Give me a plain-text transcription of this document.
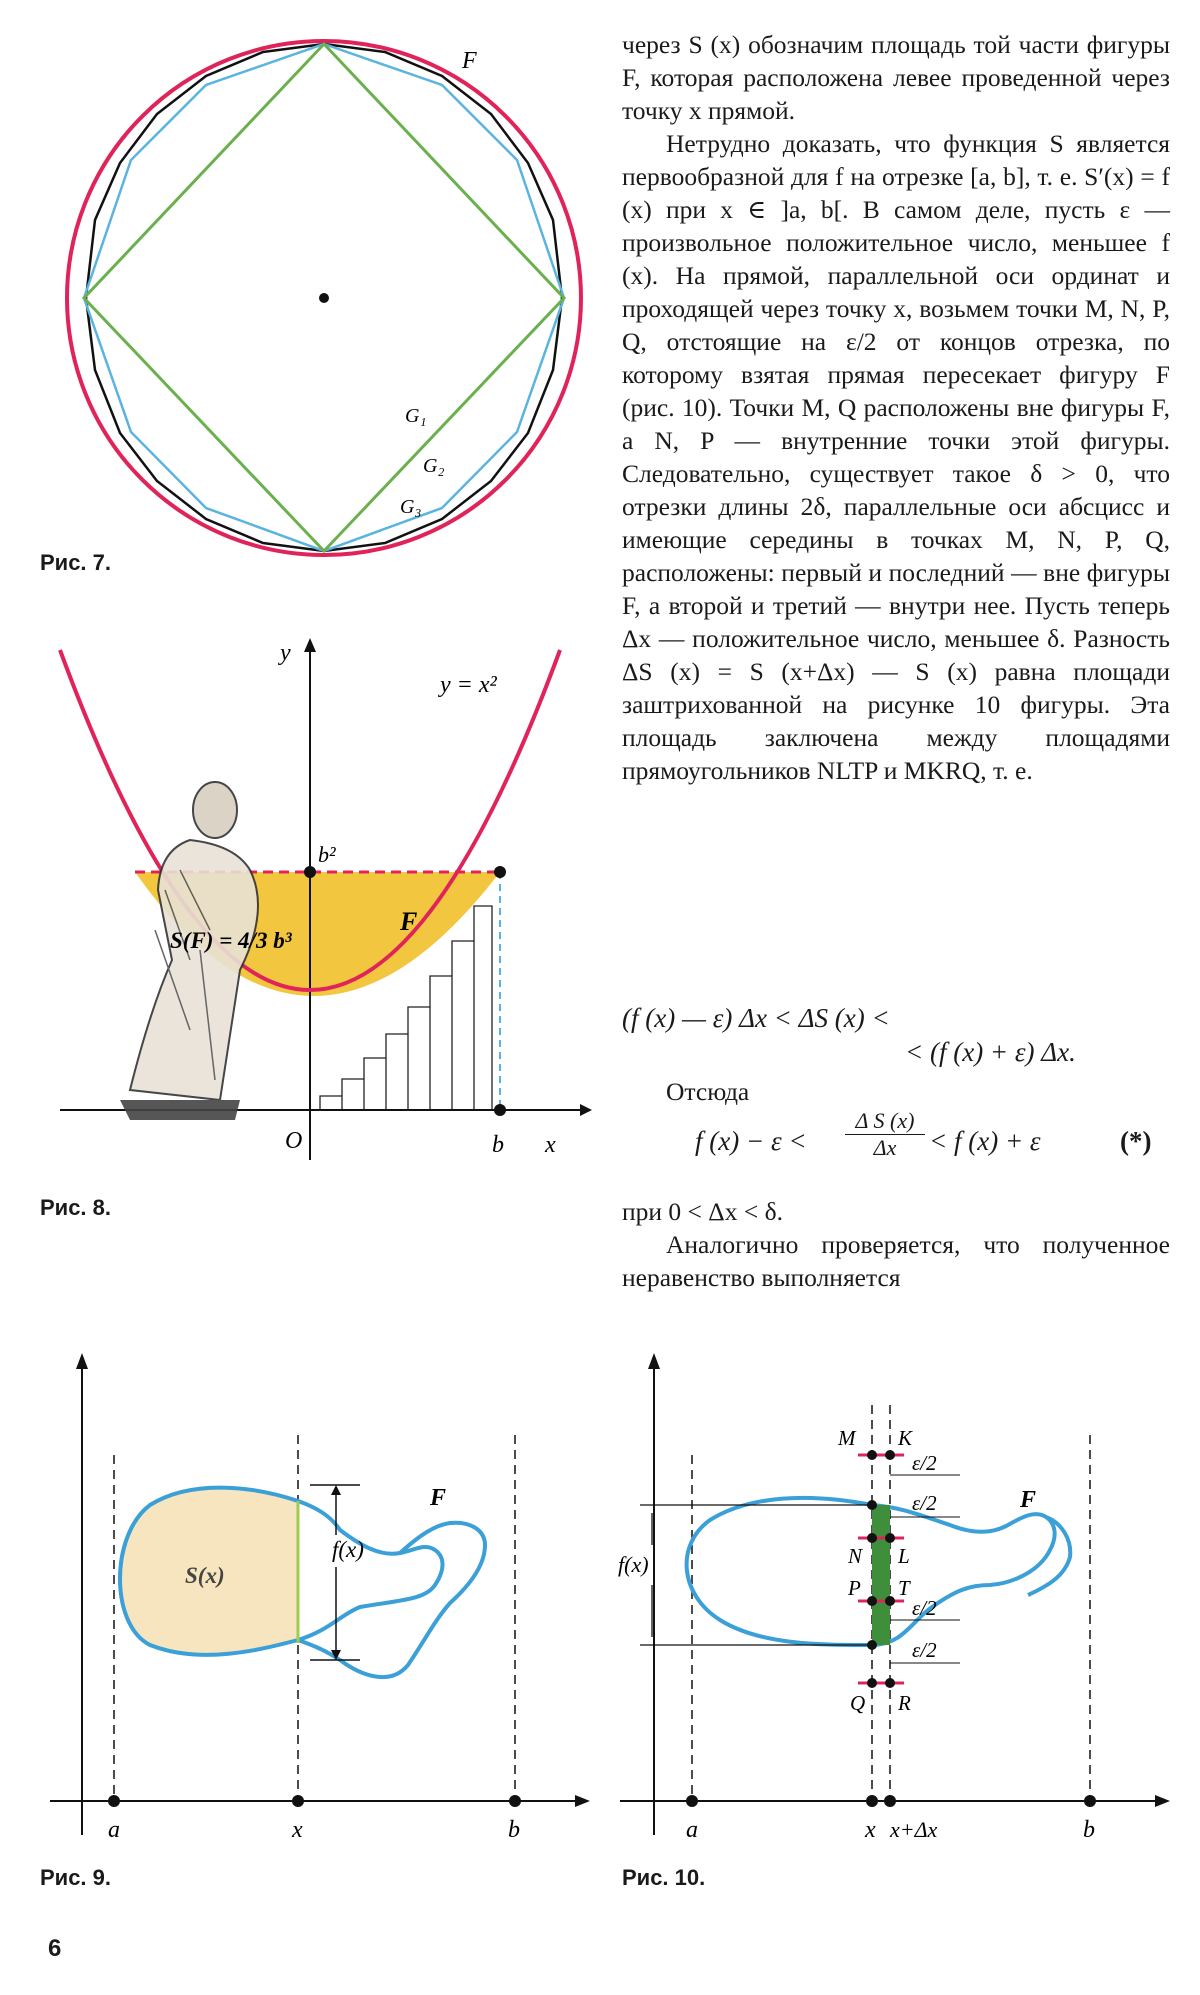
F
G₁
G₂
G₃
Рис. 7.
y
x
y = x²
b²
O	b
F
S(F) = 4/3 b³
Рис. 8.
S(x)
f(x)
F
a	x	b
Рис. 9.
M K
N L
P T
Q R
ε/2
ε/2
ε/2
ε/2
f(x)
F
a	x x+Δx	b
Рис. 10.

через S (x) обозначим площадь той части фигуры F, которая расположена левее проведенной через точку x прямой.

Нетрудно доказать, что функция S является первообразной для f на отрезке [a, b], т. е. S′(x) = f (x) при x ∈ ]a, b[. В самом деле, пусть ε — произвольное положительное число, меньшее f (x). На прямой, параллельной оси ординат и проходящей через точку x, возьмем точки M, N, P, Q, отстоящие на ε/2 от концов отрезка, по которому взятая прямая пересекает фигуру F (рис. 10). Точки M, Q расположены вне фигуры F, а N, P — внутренние точки этой фигуры. Следовательно, существует такое δ > 0, что отрезки длины 2δ, параллельные оси абсцисс и имеющие середины в точках M, N, P, Q, расположены: первый и последний — вне фигуры F, а второй и третий — внутри нее. Пусть теперь Δx — положительное число, меньшее δ. Разность ΔS (x) = S (x+Δx) — S (x) равна площади заштрихованной на рисунке 10 фигуры. Эта площадь заключена между площадями прямоугольников NLTP и MKRQ, т. е.

(f (x) — ε) Δx < ΔS (x) <
< (f (x) + ε) Δx.
Отсюда
f $(x) - \varepsilon < \frac{\text{Δ S (x)}}{\Delta x} < f$ (x) + ε	(*)
при 0 < Δx < δ.
Аналогично проверяется, что полученное неравенство выполняется
6
